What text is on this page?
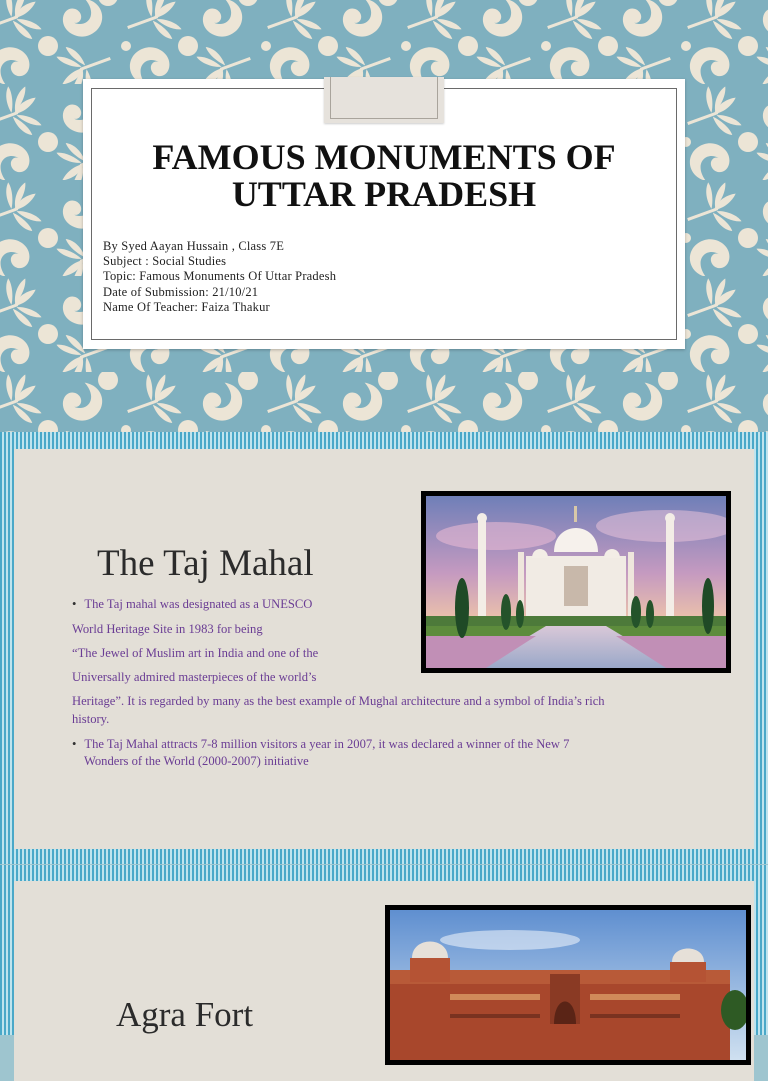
FAMOUS MONUMENTS OF
UTTAR PRADESH
By Syed Aayan Hussain , Class 7E
Subject : Social Studies
Topic: Famous Monuments Of Uttar Pradesh
Date of Submission: 21/10/21
Name Of Teacher: Faiza Thakur
The Taj Mahal
• The Taj mahal was designated as a UNESCO
World Heritage Site in 1983 for being
“The Jewel of Muslim art in India and one of the
Universally admired masterpieces of the world’s
Heritage”. It is regarded by many as the best example of Mughal architecture and a symbol of India’s rich
history.
• The Taj Mahal attracts 7-8 million visitors a year in 2007, it was declared a winner of the New 7
Wonders of the World (2000-2007) initiative
Agra Fort
